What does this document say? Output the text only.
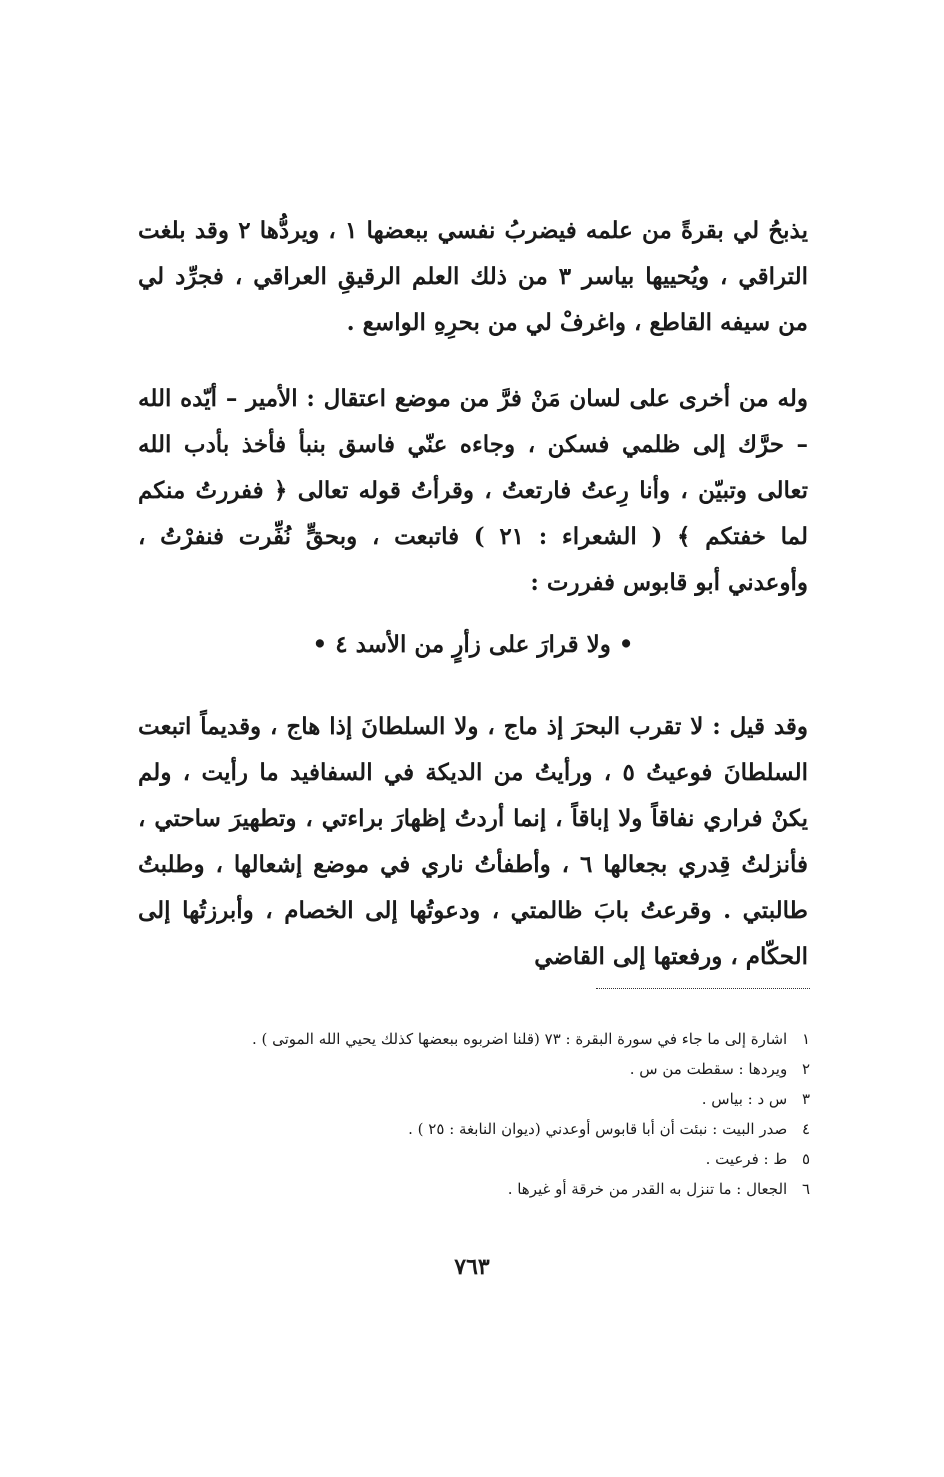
يذبحُ لي بقرةً من علمه فيضربُ نفسي ببعضها ١ ، ويردُّها ٢ وقد بلغت التراقي ، ويُحييها بياسر ٣ من ذلك العلم الرقيقِ العراقي ، فجرِّد لي من سيفه القاطع ، واغرفْ لي من بحرِهِ الواسع .

وله من أخرى على لسان مَنْ فرَّ من موضع اعتقال : الأمير – أيّده الله – حرَّك إلى ظلمي فسكن ، وجاءه عنّي فاسق بنبأ فأخذ بأدب الله تعالى وتبيّن ، وأنا رِعتُ فارتعتُ ، وقرأتُ قوله تعالى ﴿ ففررتُ منكم لما خفتكم ﴾ ( الشعراء : ٢١ ) فاتبعت ، وبحقٍّ نُفِّرت فنفرْتُ ، وأوعدني أبو قابوس ففررت :

• ولا قرارَ على زأرٍ من الأسد ٤ •

وقد قيل : لا تقرب البحرَ إذ ماج ، ولا السلطانَ إذا هاج ، وقديماً اتبعت السلطانَ فوعيتُ ٥ ، ورأيتُ من الديكة في السفافيد ما رأيت ، ولم يكنْ فراري نفاقاً ولا إباقاً ، إنما أردتُ إظهارَ براءتي ، وتطهيرَ ساحتي ، فأنزلتُ قِدري بجعالها ٦ ، وأطفأتُ ناري في موضع إشعالها ، وطلبتُ طالبتي . وقرعتُ بابَ ظالمتي ، ودعوتُها إلى الخصام ، وأبرزتُها إلى الحكّام ، ورفعتها إلى القاضي

١ اشارة إلى ما جاء في سورة البقرة : ٧٣ (قلنا اضربوه ببعضها كذلك يحيي الله الموتى ) .
٢ ويردها : سقطت من س .
٣ س د : بياس .
٤ صدر البيت : نبئت أن أبا قابوس أوعدني (ديوان النابغة : ٢٥ ) .
٥ ط : فرعيت .
٦ الجعال : ما تنزل به القدر من خرقة أو غيرها .
٧٦٣
